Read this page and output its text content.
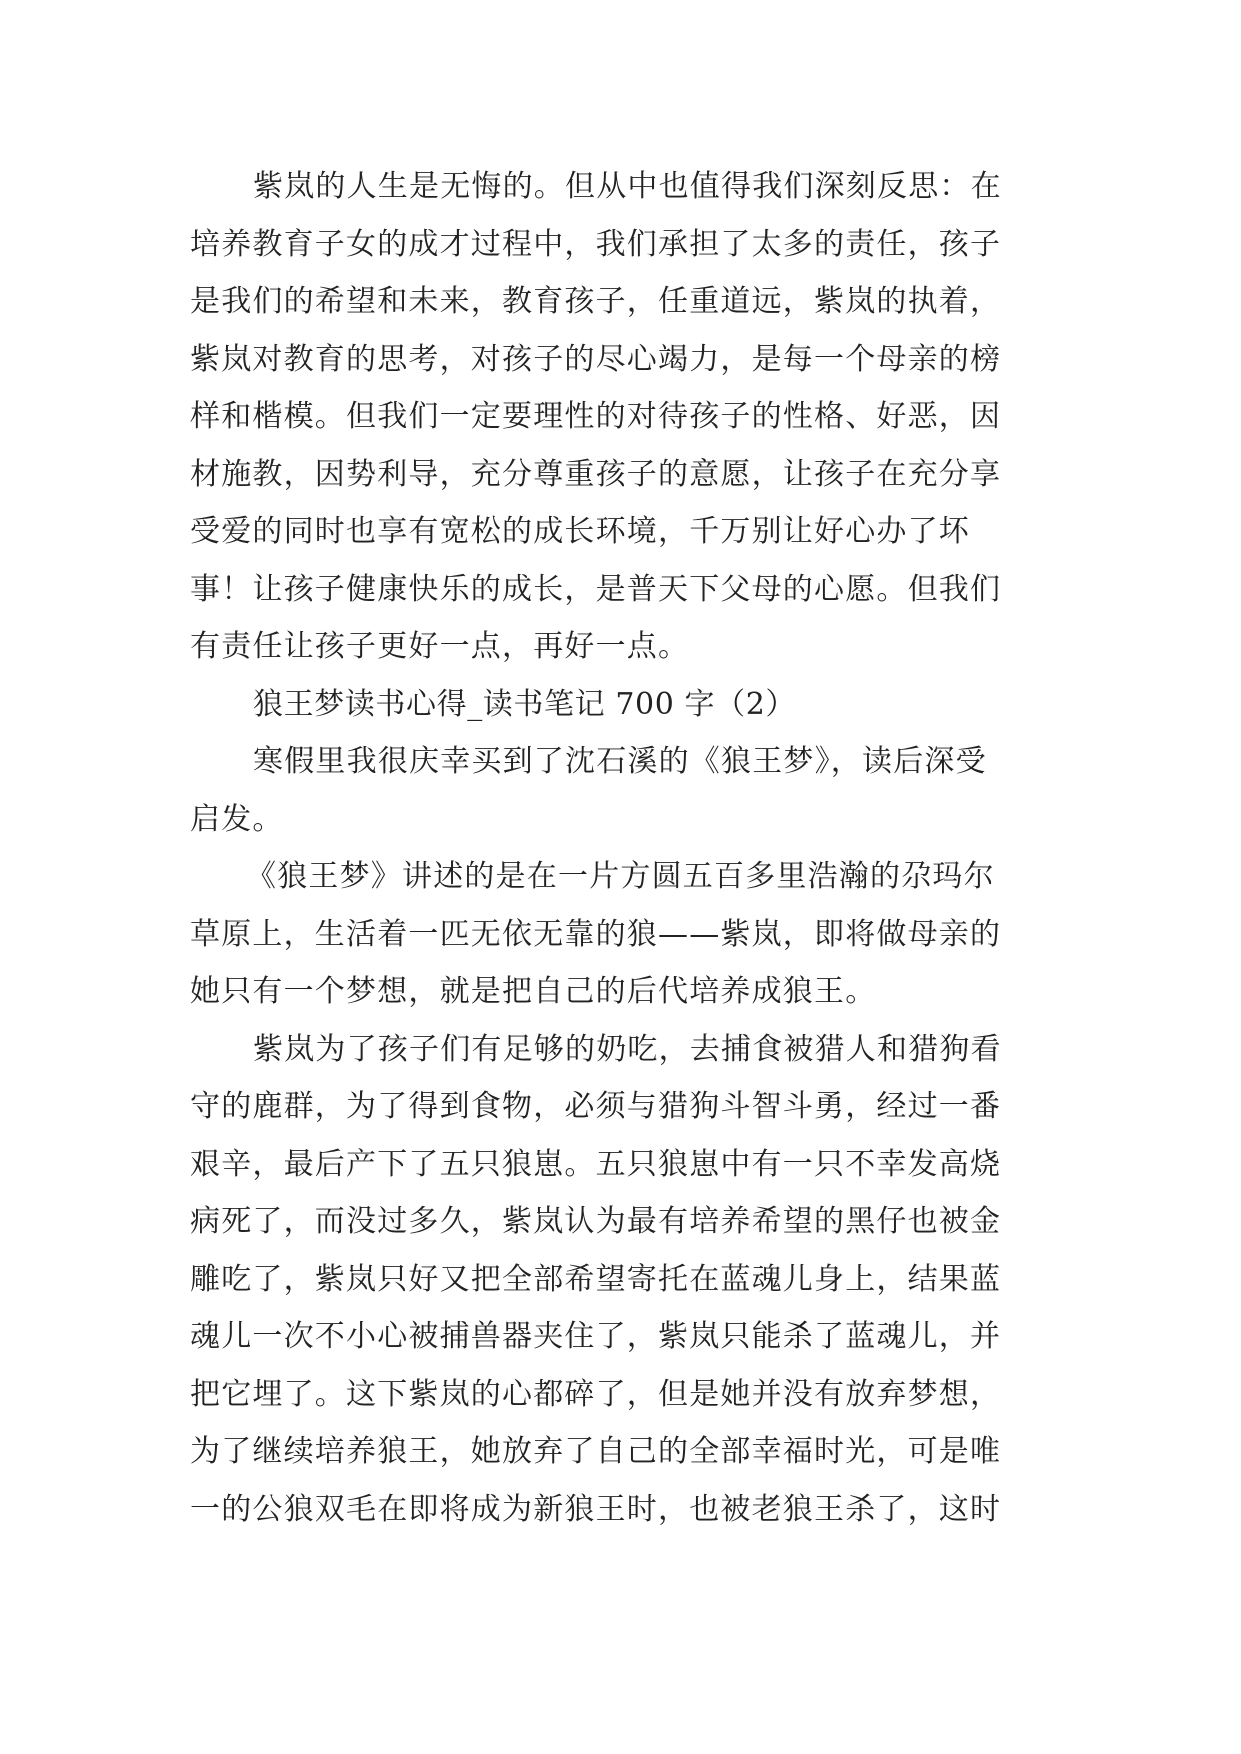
紫岚的人生是无悔的。但从中也值得我们深刻反思：在
培养教育子女的成才过程中，我们承担了太多的责任，孩子
是我们的希望和未来，教育孩子，任重道远，紫岚的执着，
紫岚对教育的思考，对孩子的尽心竭力，是每一个母亲的榜
样和楷模。但我们一定要理性的对待孩子的性格、好恶，因
材施教，因势利导，充分尊重孩子的意愿，让孩子在充分享
受爱的同时也享有宽松的成长环境，千万别让好心办了坏
事！让孩子健康快乐的成长，是普天下父母的心愿。但我们
有责任让孩子更好一点，再好一点。
狼王梦读书心得_读书笔记 700 字（2）
寒假里我很庆幸买到了沈石溪的《狼王梦》，读后深受
启发。
《狼王梦》讲述的是在一片方圆五百多里浩瀚的尕玛尔
草原上，生活着一匹无依无靠的狼——紫岚，即将做母亲的
她只有一个梦想，就是把自己的后代培养成狼王。
紫岚为了孩子们有足够的奶吃，去捕食被猎人和猎狗看
守的鹿群，为了得到食物，必须与猎狗斗智斗勇，经过一番
艰辛，最后产下了五只狼崽。五只狼崽中有一只不幸发高烧
病死了，而没过多久，紫岚认为最有培养希望的黑仔也被金
雕吃了，紫岚只好又把全部希望寄托在蓝魂儿身上，结果蓝
魂儿一次不小心被捕兽器夹住了，紫岚只能杀了蓝魂儿，并
把它埋了。这下紫岚的心都碎了，但是她并没有放弃梦想，
为了继续培养狼王，她放弃了自己的全部幸福时光，可是唯
一的公狼双毛在即将成为新狼王时，也被老狼王杀了，这时
